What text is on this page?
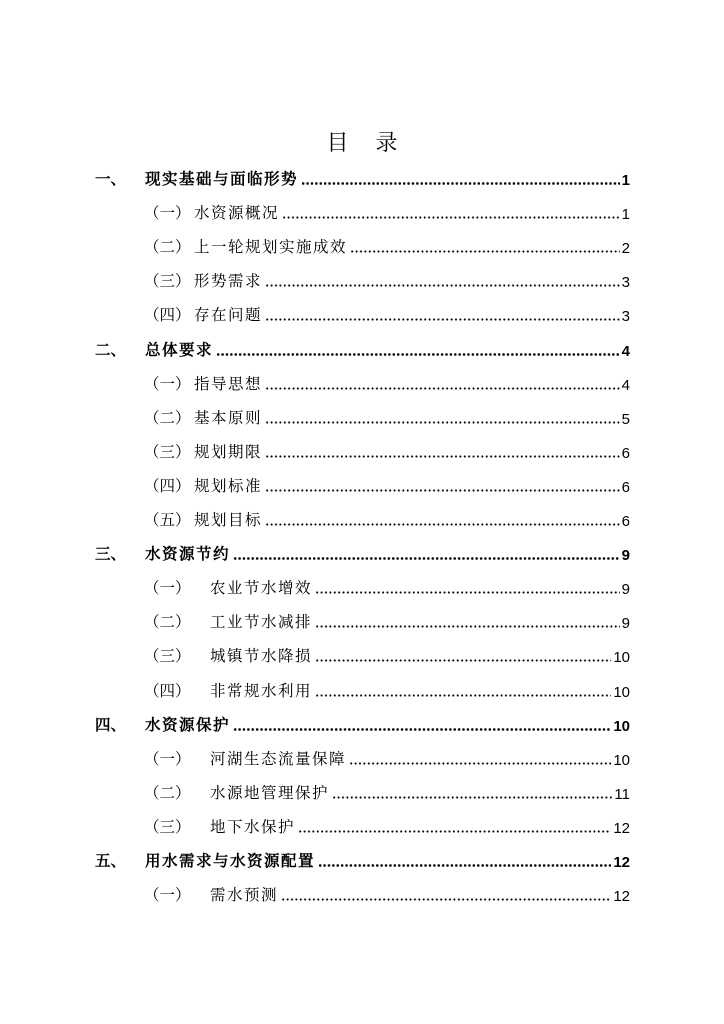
目 录
一、	现实基础与面临形势	1
（一） 水资源概况	1
（二） 上一轮规划实施成效	2
（三） 形势需求	3
（四） 存在问题	3
二、	总体要求	4
（一） 指导思想	4
（二） 基本原则	5
（三） 规划期限	6
（四） 规划标准	6
（五） 规划目标	6
三、	水资源节约	9
（一） 农业节水增效	9
（二） 工业节水减排	9
（三） 城镇节水降损	10
（四） 非常规水利用	10
四、	水资源保护	10
（一） 河湖生态流量保障	10
（二） 水源地管理保护	11
（三） 地下水保护	12
五、	用水需求与水资源配置	12
（一） 需水预测	12
